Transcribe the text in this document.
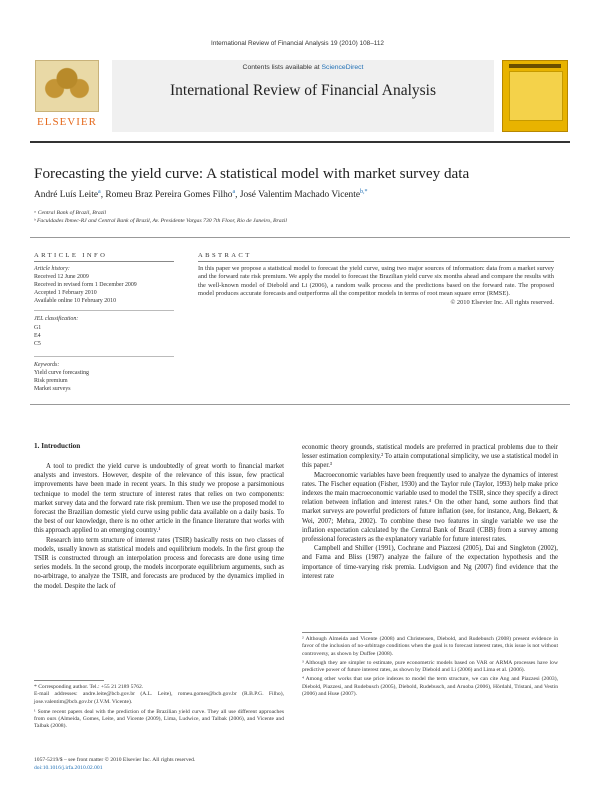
International Review of Financial Analysis 19 (2010) 108–112
ELSEVIER
Contents lists available at ScienceDirect
International Review of Financial Analysis
Forecasting the yield curve: A statistical model with market survey data
André Luís Leite$^a$, Romeu Braz Pereira Gomes Filho$^a$, José Valentim Machado Vicente$^{b,*}$
ᵃ Central Bank of Brazil, Brazil
ᵇ Faculdades Ibmec-RJ and Central Bank of Brazil, Av. Presidente Vargas 730 7th Floor, Rio de Janeiro, Brazil
ARTICLE INFO	ABSTRACT
Article history:
Received 12 June 2009
Received in revised form 1 December 2009
Accepted 1 February 2010
Available online 10 February 2010
JEL classification:
G1
E4
C5
Keywords:
Yield curve forecasting
Risk premium
Market surveys
In this paper we propose a statistical model to forecast the yield curve, using two major sources of information: data from a market survey and the forward rate risk premium. We apply the model to forecast the Brazilian yield curve six months ahead and compare the results with the well-known model of Diebold and Li (2006), a random walk process and the predictions based on the forward rate. The proposed model produces accurate forecasts and outperforms all the competitor models in terms of root mean square error (RMSE).
© 2010 Elsevier Inc. All rights reserved.
1. Introduction

A tool to predict the yield curve is undoubtedly of great worth to financial market analysts and investors. However, despite of the relevance of this issue, few practical improvements have been made in recent years. In this study we propose a parsimonious technique to model the term structure of interest rates that relies on two components: market survey data and the forward rate risk premium. Then we use the proposed model to forecast the Brazilian domestic yield curve using public data available on a daily basis. To the best of our knowledge, there is no other article in the finance literature that works with this approach applied to an emerging country.¹

Research into term structure of interest rates (TSIR) basically rests on two classes of models, usually known as statistical models and equilibrium models. In the first group the TSIR is constructed through an interpolation process and forecasts are done using time series models. In the second group, the models incorporate equilibrium arguments, such as no-arbitrage, to analyze the TSIR, and forecasts are produced by the dynamics implied in the model. Despite the lack of

economic theory grounds, statistical models are preferred in practical problems due to their lesser estimation complexity.² To attain computational simplicity, we use a statistical model in this paper.³

Macroeconomic variables have been frequently used to analyze the dynamics of interest rates. The Fischer equation (Fisher, 1930) and the Taylor rule (Taylor, 1993) help make price indexes the main macroeconomic variable used to model the TSIR, since they specify a direct relation between inflation and interest rates.⁴ On the other hand, some authors find that market surveys are powerful predictors of future inflation (see, for instance, Ang, Bekaert, & Wei, 2007; Mehra, 2002). To combine these two features in single variable we use the inflation expectation calculated by the Central Bank of Brazil (CBB) from a survey among professional forecasters as the explanatory variable for future interest rates.

Campbell and Shiller (1991), Cochrane and Piazzesi (2005), Dai and Singleton (2002), and Fama and Bliss (1987) analyze the failure of the expectation hypothesis and the importance of time-varying risk premia. Ludvigson and Ng (2007) find evidence that the interest rate

* Corresponding author. Tel.: +55 21 2189 5762.
E-mail addresses: andre.leite@bcb.gov.br (A.L. Leite), romeu.gomes@bcb.gov.br (R.B.P.G. Filho), jose.valentim@bcb.gov.br (J.V.M. Vicente).
¹ Some recent papers deal with the prediction of the Brazilian yield curve. They all use different approaches from ours (Almeida, Gomes, Leite, and Vicente (2009), Lima, Ludwice, and Talbak (2006), and Vicente and Talbak (2008).
² Although Almeida and Vicente (2008) and Christensen, Diebold, and Rudebusch (2008) present evidence in favor of the inclusion of no-arbitrage conditions when the goal is to forecast interest rates, this issue is not without controversy, as shown by Duffee (2008).
³ Although they are simpler to estimate, pure econometric models based on VAR or ARMA processes have low predictive power of future interest rates, as shown by Diebold and Li (2006) and Lima et al. (2006).
⁴ Among other works that use price indexes to model the term structure, we can cite Ang and Piazzesi (2003), Diebold, Piazzesi, and Rudebusch (2005), Diebold, Rudebusch, and Aruoba (2006), Hördahl, Tristani, and Vestin (2006) and Huse (2007).
1057-5219/$ – see front matter © 2010 Elsevier Inc. All rights reserved.
doi:10.1016/j.irfa.2010.02.001
